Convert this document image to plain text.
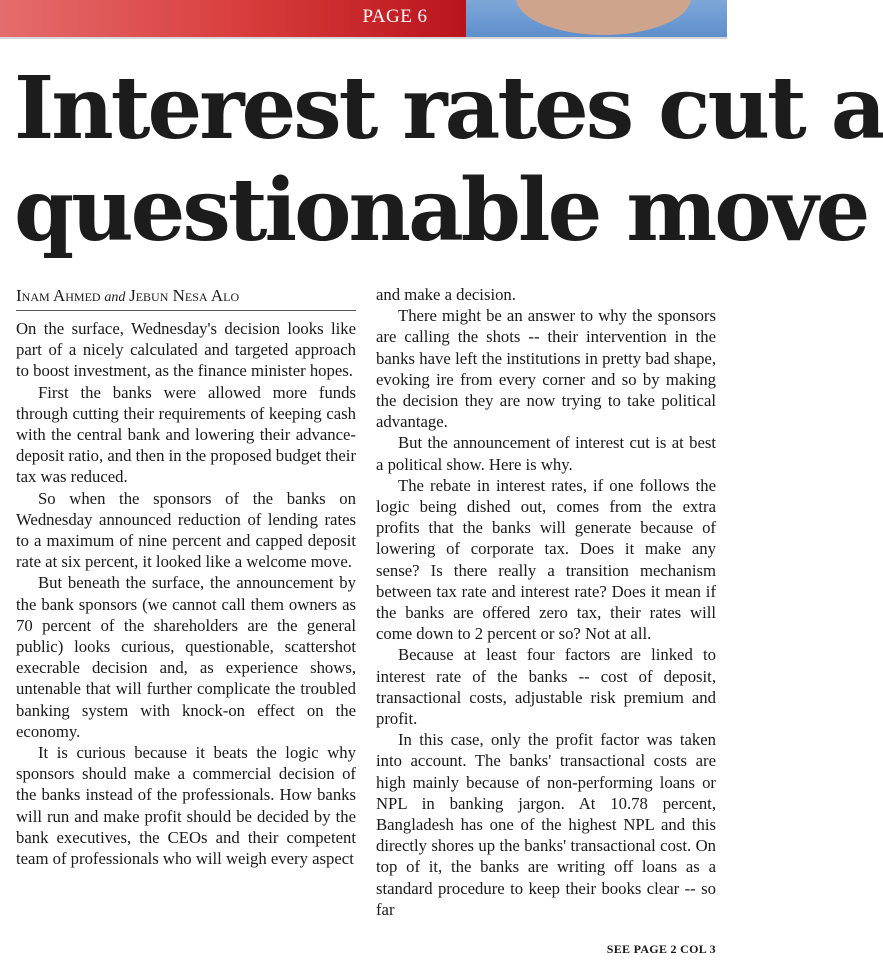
PAGE 6
Interest rates cut a
questionable move
Inam Ahmed and Jebun Nesa Alo

On the surface, Wednesday's decision looks like part of a nicely calculated and targeted approach to boost investment, as the finance minister hopes.

First the banks were allowed more funds through cutting their requirements of keeping cash with the central bank and lowering their advance-deposit ratio, and then in the proposed budget their tax was reduced.

So when the sponsors of the banks on Wednesday announced reduction of lending rates to a maximum of nine percent and capped deposit rate at six percent, it looked like a welcome move.

But beneath the surface, the announcement by the bank sponsors (we cannot call them owners as 70 percent of the shareholders are the general public) looks curious, questionable, scattershot execrable decision and, as experience shows, untenable that will further complicate the troubled banking system with knock-on effect on the economy.

It is curious because it beats the logic why sponsors should make a commercial decision of the banks instead of the professionals. How banks will run and make profit should be decided by the bank executives, the CEOs and their competent team of professionals who will weigh every aspect

and make a decision.

There might be an answer to why the sponsors are calling the shots -- their intervention in the banks have left the institutions in pretty bad shape, evoking ire from every corner and so by making the decision they are now trying to take political advantage.

But the announcement of interest cut is at best a political show. Here is why.

The rebate in interest rates, if one follows the logic being dished out, comes from the extra profits that the banks will generate because of lowering of corporate tax. Does it make any sense? Is there really a transition mechanism between tax rate and interest rate? Does it mean if the banks are offered zero tax, their rates will come down to 2 percent or so? Not at all.

Because at least four factors are linked to interest rate of the banks -- cost of deposit, transactional costs, adjustable risk premium and profit.

In this case, only the profit factor was taken into account. The banks' transactional costs are high mainly because of non-performing loans or NPL in banking jargon. At 10.78 percent, Bangladesh has one of the highest NPL and this directly shores up the banks' transactional cost. On top of it, the banks are writing off loans as a standard procedure to keep their books clear -- so far

SEE PAGE 2 COL 3
